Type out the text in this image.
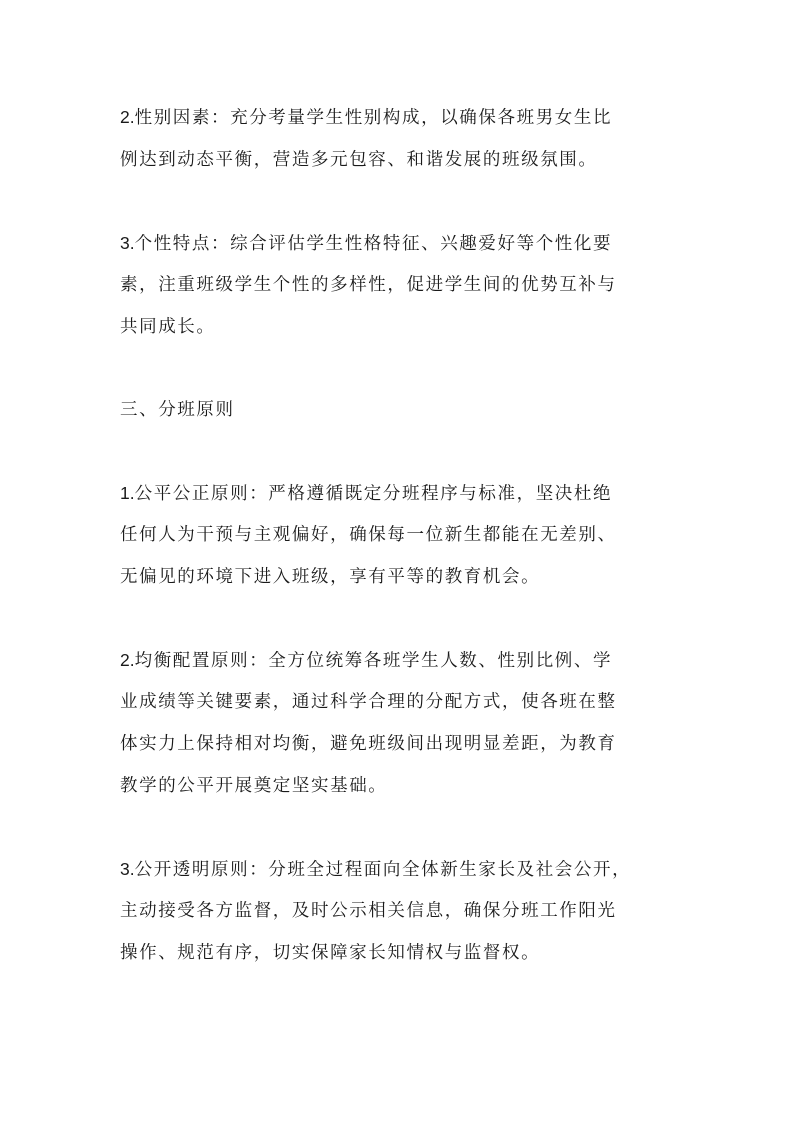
2.性别因素：充分考量学生性别构成，以确保各班男女生比
例达到动态平衡，营造多元包容、和谐发展的班级氛围。
3.个性特点：综合评估学生性格特征、兴趣爱好等个性化要
素，注重班级学生个性的多样性，促进学生间的优势互补与
共同成长。
三、分班原则
1.公平公正原则：严格遵循既定分班程序与标准，坚决杜绝
任何人为干预与主观偏好，确保每一位新生都能在无差别、
无偏见的环境下进入班级，享有平等的教育机会。
2.均衡配置原则：全方位统筹各班学生人数、性别比例、学
业成绩等关键要素，通过科学合理的分配方式，使各班在整
体实力上保持相对均衡，避免班级间出现明显差距，为教育
教学的公平开展奠定坚实基础。
3.公开透明原则：分班全过程面向全体新生家长及社会公开，
主动接受各方监督，及时公示相关信息，确保分班工作阳光
操作、规范有序，切实保障家长知情权与监督权。
